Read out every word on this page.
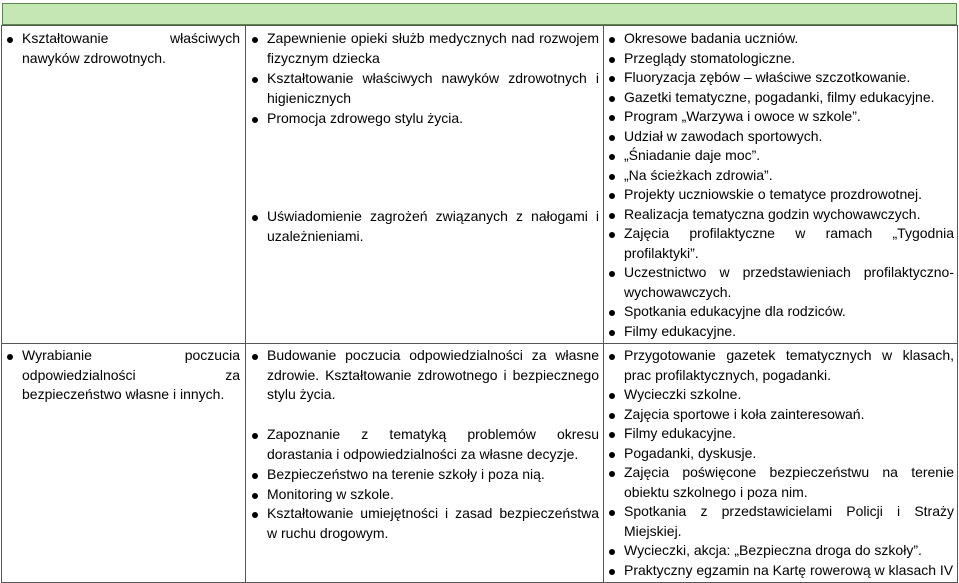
Kształtowanie właściwych nawyków zdrowotnych.
Zapewnienie opieki służb medycznych nad rozwojem fizycznym dziecka
Kształtowanie właściwych nawyków zdrowotnych i higienicznych
Promocja zdrowego stylu życia.
Uświadomienie zagrożeń związanych z nałogami i uzależnieniami.
Okresowe badania uczniów.
Przeglądy stomatologiczne.
Fluoryzacja zębów – właściwe szczotkowanie.
Gazetki tematyczne, pogadanki, filmy edukacyjne.
Program „Warzywa i owoce w szkole”.
Udział w zawodach sportowych.
„Śniadanie daje moc”.
„Na ścieżkach zdrowia”.
Projekty uczniowskie o tematyce prozdrowotnej.
Realizacja tematyczna godzin wychowawczych.
Zajęcia profilaktyczne w ramach „Tygodnia profilaktyki”.
Uczestnictwo w przedstawieniach profilaktyczno-wychowawczych.
Spotkania edukacyjne dla rodziców.
Filmy edukacyjne.
Wyrabianie poczucia odpowiedzialności za bezpieczeństwo własne i innych.
Budowanie poczucia odpowiedzialności za własne zdrowie. Kształtowanie zdrowotnego i bezpiecznego stylu życia.
Zapoznanie z tematyką problemów okresu dorastania i odpowiedzialności za własne decyzje.
Bezpieczeństwo na terenie szkoły i poza nią.
Monitoring w szkole.
Kształtowanie umiejętności i zasad bezpieczeństwa w ruchu drogowym.
Przygotowanie gazetek tematycznych w klasach, prac profilaktycznych, pogadanki.
Wycieczki szkolne.
Zajęcia sportowe i koła zainteresowań.
Filmy edukacyjne.
Pogadanki, dyskusje.
Zajęcia poświęcone bezpieczeństwu na terenie obiektu szkolnego i poza nim.
Spotkania z przedstawicielami Policji i Straży Miejskiej.
Wycieczki, akcja: „Bezpieczna droga do szkoły”.
Praktyczny egzamin na Kartę rowerową w klasach IV
